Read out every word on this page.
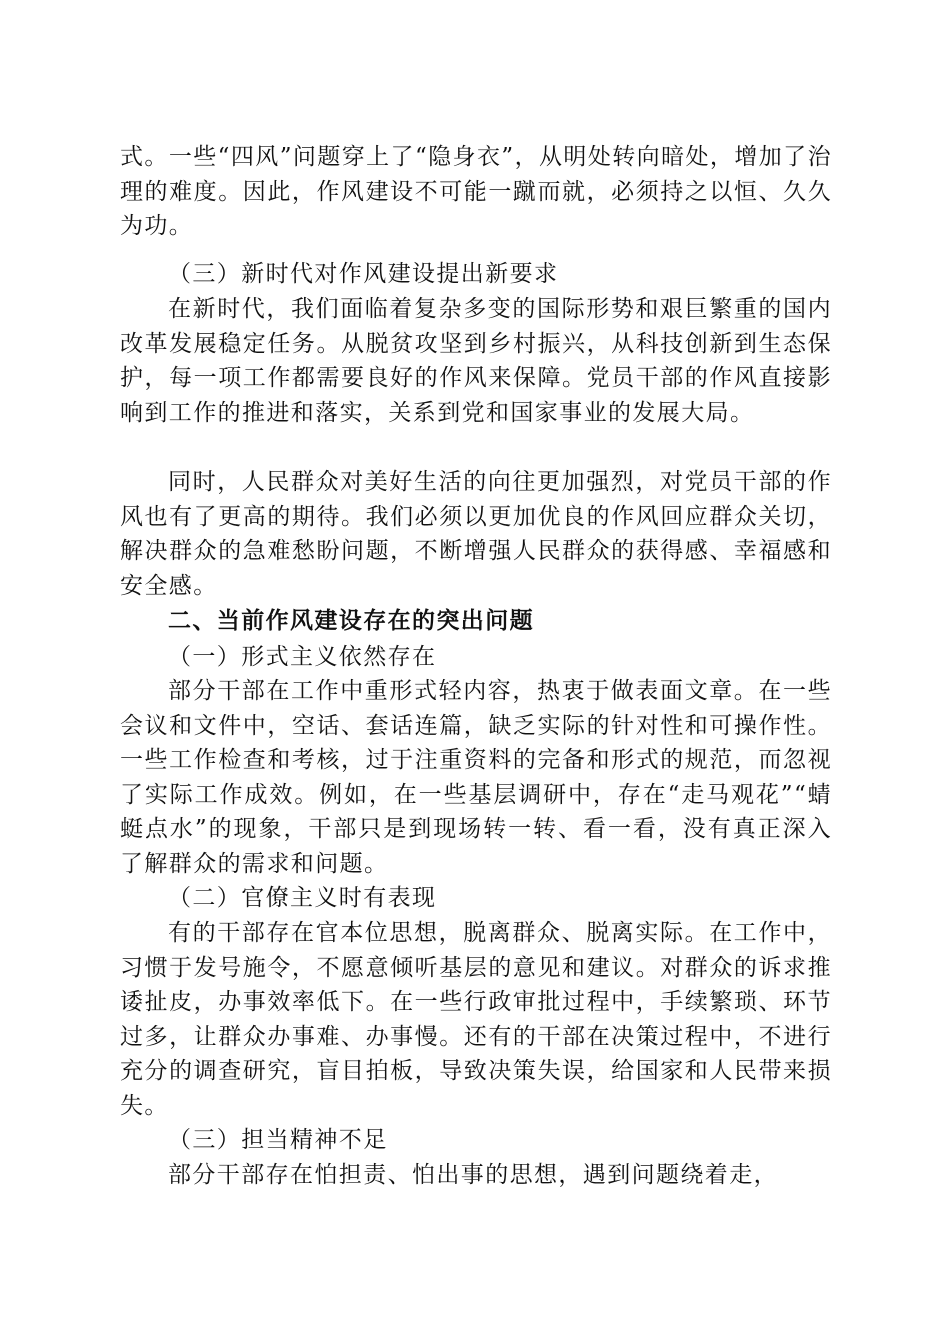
式。一些“四风”问题穿上了“隐身衣”，从明处转向暗处，增加了治理的难度。因此，作风建设不可能一蹴而就，必须持之以恒、久久为功。

（三）新时代对作风建设提出新要求

在新时代，我们面临着复杂多变的国际形势和艰巨繁重的国内改革发展稳定任务。从脱贫攻坚到乡村振兴，从科技创新到生态保护，每一项工作都需要良好的作风来保障。党员干部的作风直接影响到工作的推进和落实，关系到党和国家事业的发展大局。

同时，人民群众对美好生活的向往更加强烈，对党员干部的作风也有了更高的期待。我们必须以更加优良的作风回应群众关切，解决群众的急难愁盼问题，不断增强人民群众的获得感、幸福感和安全感。

二、当前作风建设存在的突出问题

（一）形式主义依然存在

部分干部在工作中重形式轻内容，热衷于做表面文章。在一些会议和文件中，空话、套话连篇，缺乏实际的针对性和可操作性。一些工作检查和考核，过于注重资料的完备和形式的规范，而忽视了实际工作成效。例如，在一些基层调研中，存在“走马观花”“蜻蜓点水”的现象，干部只是到现场转一转、看一看，没有真正深入了解群众的需求和问题。

（二）官僚主义时有表现

有的干部存在官本位思想，脱离群众、脱离实际。在工作中，习惯于发号施令，不愿意倾听基层的意见和建议。对群众的诉求推诿扯皮，办事效率低下。在一些行政审批过程中，手续繁琐、环节过多，让群众办事难、办事慢。还有的干部在决策过程中，不进行充分的调查研究，盲目拍板，导致决策失误，给国家和人民带来损失。

（三）担当精神不足

部分干部存在怕担责、怕出事的思想，遇到问题绕着走，
